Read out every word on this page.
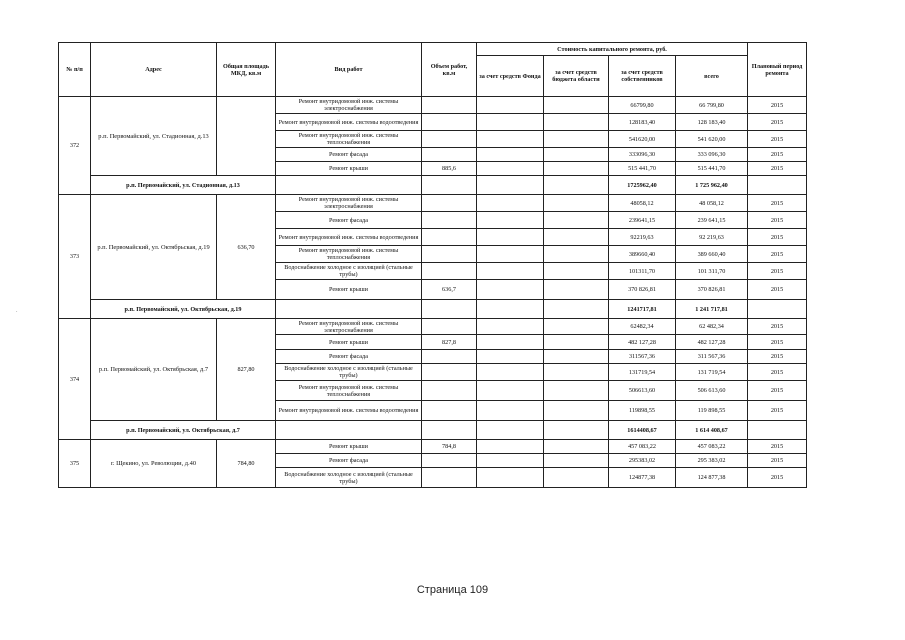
№ п/п	Адрес	Общая площадь МКД, кв.м	Вид работ	Объем работ, кв.м	Стоимость капитального ремонта, руб.				Плановый период ремонта
					за счет средств Фонда	за счет средств бюджета области	за счет средств собственников	всего	
372	р.п. Первомайский, ул. Стадионная, д.13		Ремонт внутридомовой инж. системы электроснабжения				66799,80	66 799,80	2015
			Ремонт внутридомовой инж. системы водоотведения				128183,40	128 183,40	2015
			Ремонт внутридомовой инж. системы теплоснабжения				541620,00	541 620,00	2015
			Ремонт фасада				333096,30	333 096,30	2015
			Ремонт крыши	885,6			515 441,70	515 441,70	2015
	р.п. Первомайский, ул. Стадионная, д.13						1725962,40	1 725 962,40	
373	р.п. Первомайский, ул. Октябрьская, д.19	636,70	Ремонт внутридомовой инж. системы электроснабжения				48058,12	48 058,12	2015
			Ремонт фасада				239641,15	239 641,15	2015
			Ремонт внутридомовой инж. системы водоотведения				92219,63	92 219,63	2015
			Ремонт внутридомовой инж. системы теплоснабжения				389660,40	389 660,40	2015
			Водоснабжение холодное с изоляцией (стальные трубы)				101311,70	101 311,70	2015
			Ремонт крыши	636,7			370 826,81	370 826,81	2015
	р.п. Первомайский, ул. Октябрьская, д.19						1241717,81	1 241 717,81	
374	р.п. Первомайский, ул. Октябрьская, д.7	827,80	Ремонт внутридомовой инж. системы электроснабжения				62482,34	62 482,34	2015
			Ремонт крыши	827,8			482 127,28	482 127,28	2015
			Ремонт фасада				311567,36	311 567,36	2015
			Водоснабжение холодное с изоляцией (стальные трубы)				131719,54	131 719,54	2015
			Ремонт внутридомовой инж. системы теплоснабжения				506613,60	506 613,60	2015
			Ремонт внутридомовой инж. системы водоотведения				119898,55	119 898,55	2015
	р.п. Первомайский, ул. Октябрьская, д.7						1614408,67	1 614 408,67	
375	г. Щекино, ул. Революции, д.40	784,80	Ремонт крыши	784,8			457 083,22	457 083,22	2015
			Ремонт фасада				295383,02	295 383,02	2015
			Водоснабжение холодное с изоляцией (стальные трубы)				124877,38	124 877,38	2015
.
Страница 109
